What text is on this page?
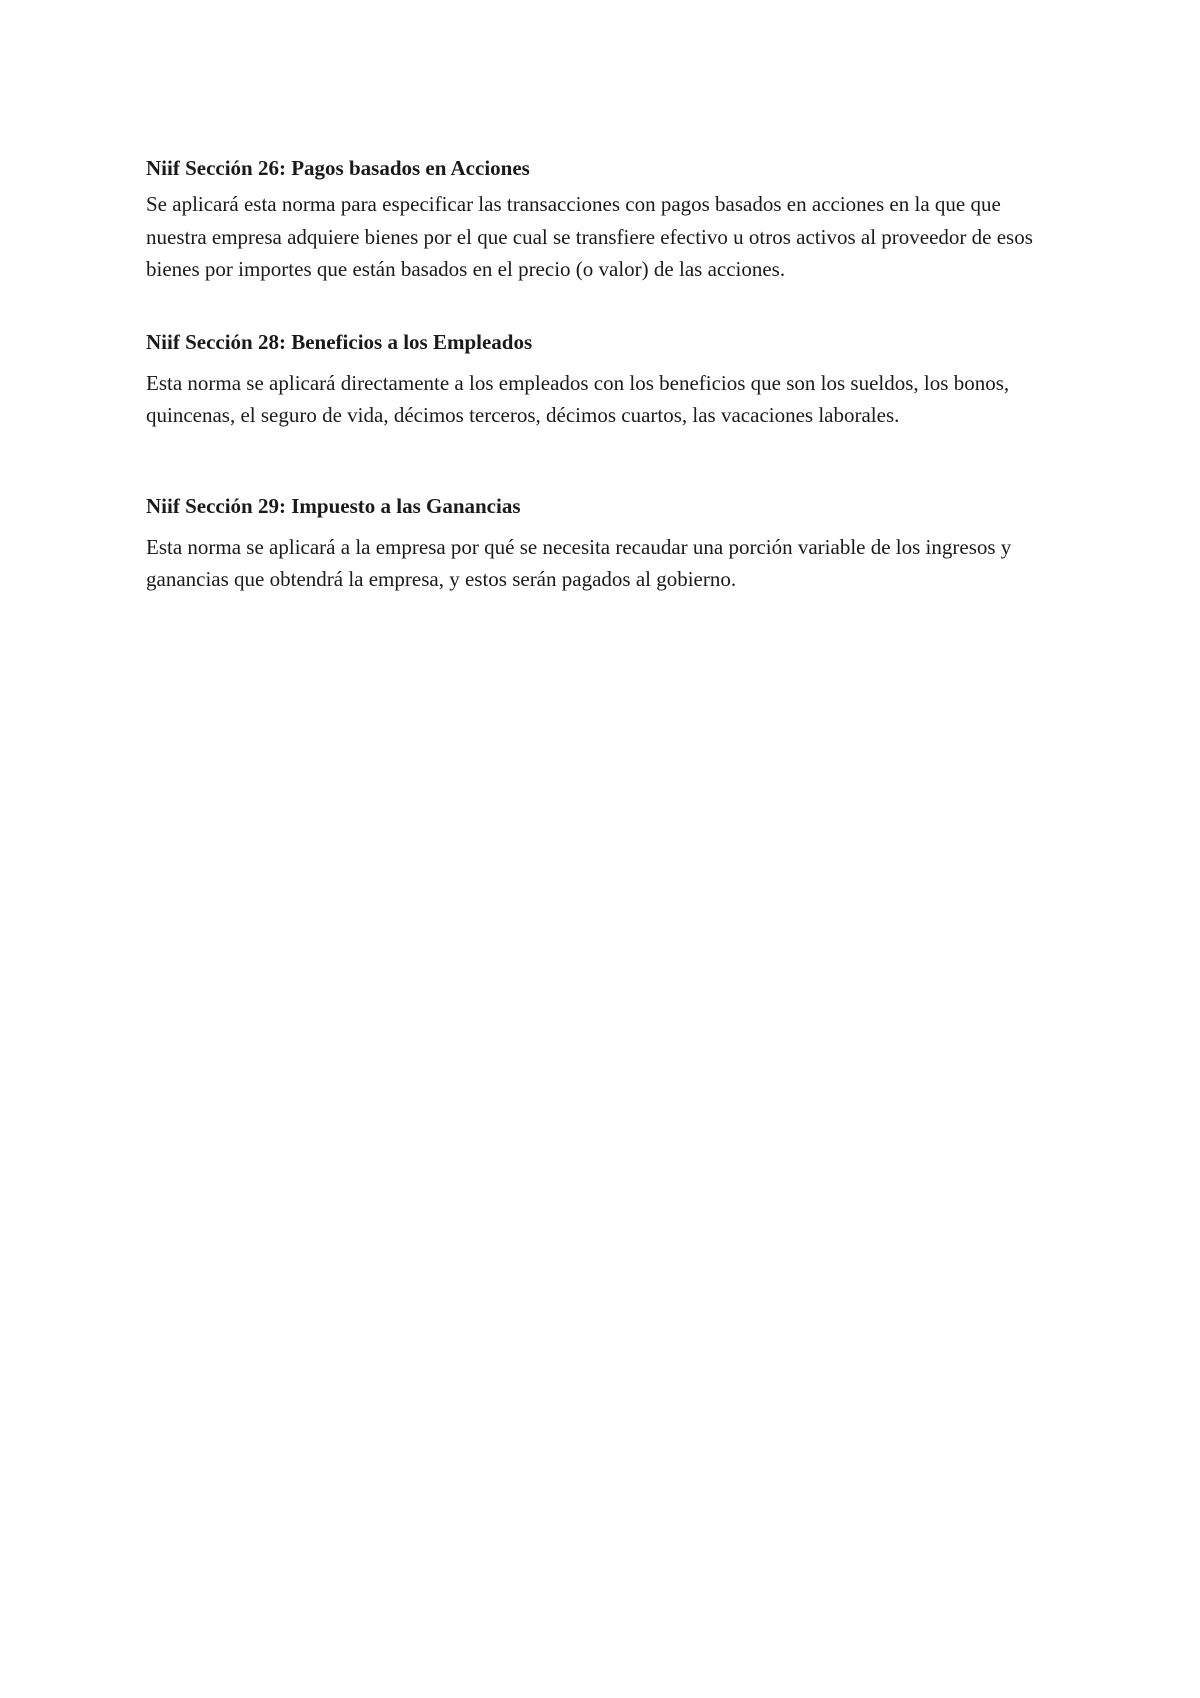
Niif Sección 26: Pagos basados en Acciones

Se aplicará esta norma para especificar las transacciones con pagos basados en acciones en la que que nuestra empresa adquiere bienes por el que cual se transfiere efectivo u otros activos al proveedor de esos bienes por importes que están basados en el precio (o valor) de las acciones.

Niif Sección 28: Beneficios a los Empleados

Esta norma se aplicará directamente a los empleados con los beneficios que son los sueldos, los bonos, quincenas, el seguro de vida, décimos terceros, décimos cuartos, las vacaciones laborales.

Niif Sección 29: Impuesto a las Ganancias

Esta norma se aplicará a la empresa por qué se necesita recaudar una porción variable de los ingresos y ganancias que obtendrá la empresa, y estos serán pagados al gobierno.
